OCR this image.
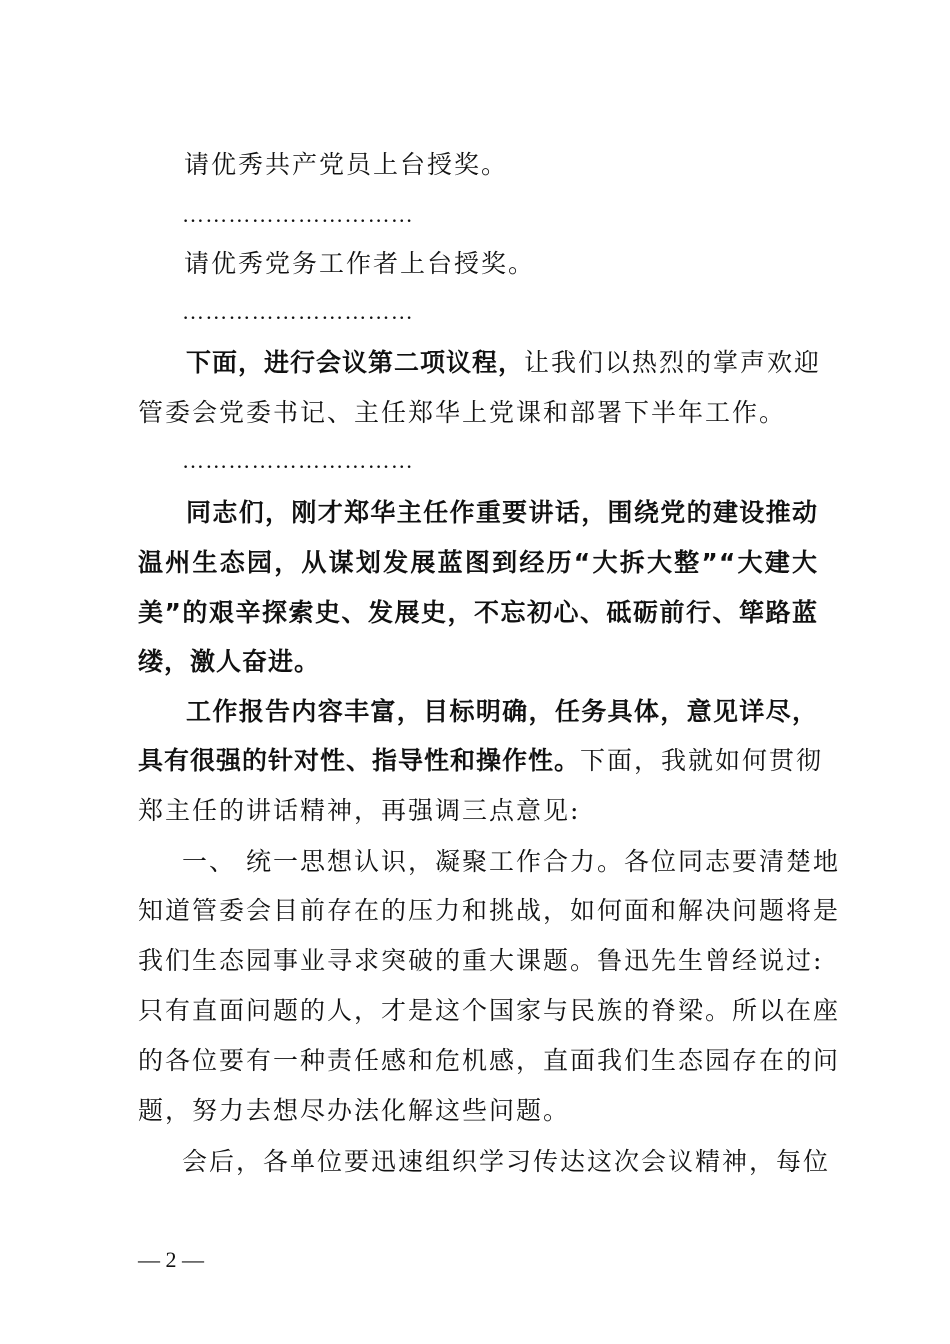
请优秀共产党员上台授奖。
…………………………
请优秀党务工作者上台授奖。
…………………………
下面，进行会议第二项议程，让我们以热烈的掌声欢迎
管委会党委书记、主任郑华上党课和部署下半年工作。
…………………………
同志们，刚才郑华主任作重要讲话，围绕党的建设推动
温州生态园，从谋划发展蓝图到经历“大拆大整”“大建大
美”的艰辛探索史、发展史，不忘初心、砥砺前行、筚路蓝
缕，激人奋进。
工作报告内容丰富，目标明确，任务具体，意见详尽，
具有很强的针对性、指导性和操作性。下面，我就如何贯彻
郑主任的讲话精神，再强调三点意见:
一、 统一思想认识，凝聚工作合力。各位同志要清楚地
知道管委会目前存在的压力和挑战，如何面和解决问题将是
我们生态园事业寻求突破的重大课题。鲁迅先生曾经说过:
只有直面问题的人，才是这个国家与民族的脊梁。所以在座
的各位要有一种责任感和危机感，直面我们生态园存在的问
题，努力去想尽办法化解这些问题。
会后，各单位要迅速组织学习传达这次会议精神，每位
— 2 —
